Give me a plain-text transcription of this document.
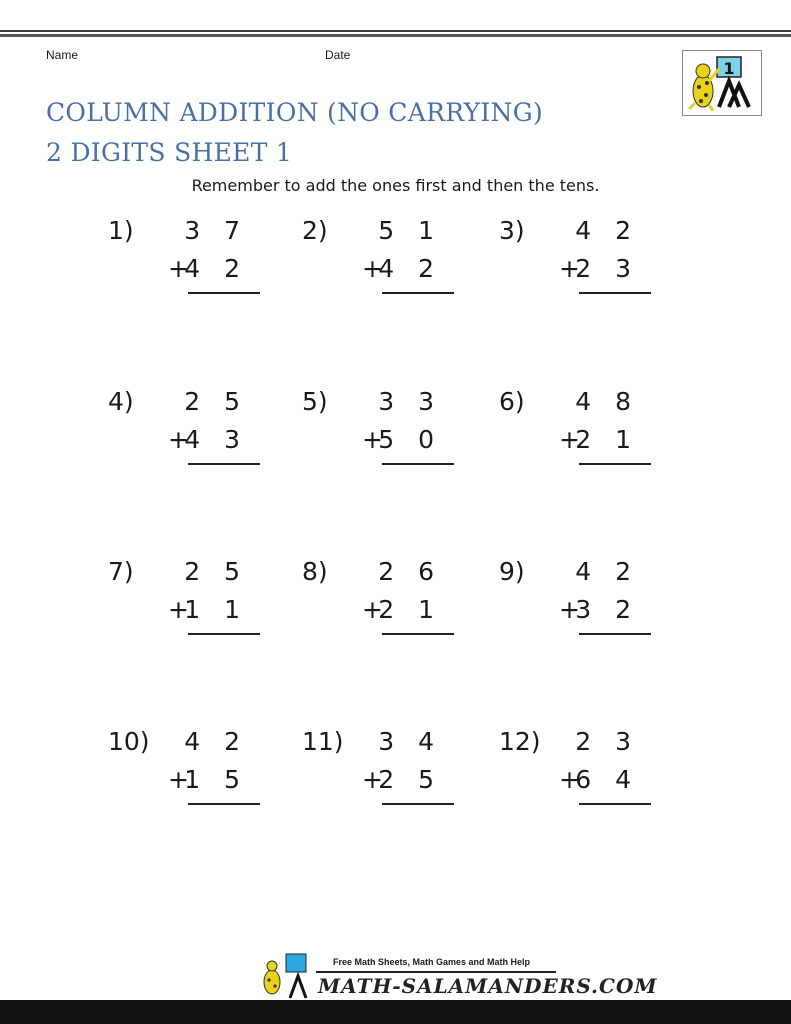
Name	Date
COLUMN ADDITION (NO CARRYING)
2 DIGITS SHEET 1
1
Remember to add the ones first and then the tens.
1) 3 7
+
4 2
2) 5 1
+
4 2
3) 4 2
+
2 3
4) 2 5
+
4 3
5) 3 3
+
5 0
6) 4 8
+
2 1
7) 2 5
+
1 1
8) 2 6
+
2 1
9) 4 2
+
3 2
10) 4 2
+
1 5
11) 3 4
+
2 5
12) 2 3
+
6 4
Free Math Sheets, Math Games and Math Help
MATH-SALAMANDERS.COM
